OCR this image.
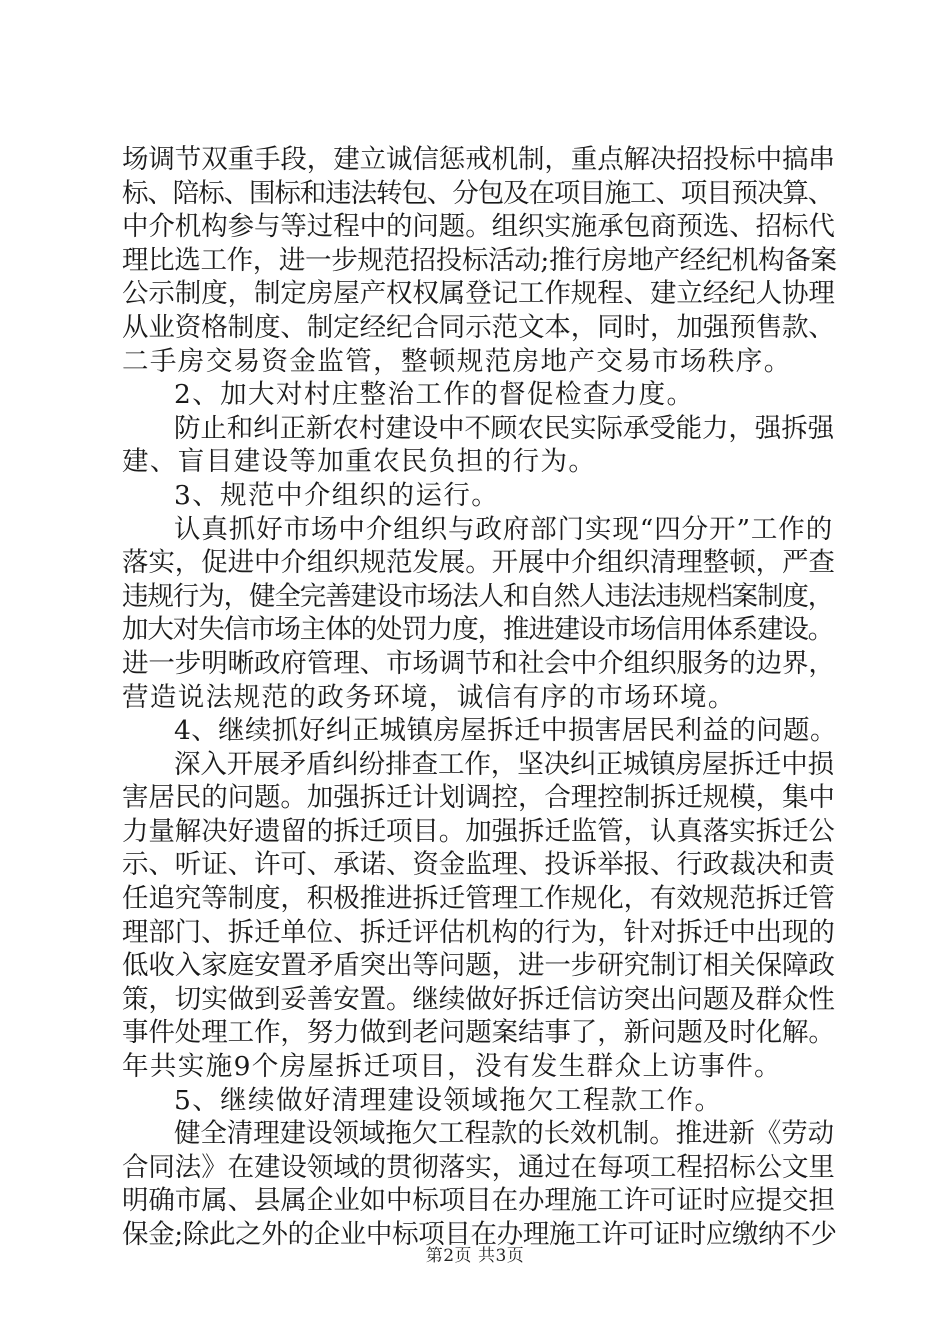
场调节双重手段，建立诚信惩戒机制，重点解决招投标中搞串
标、陪标、围标和违法转包、分包及在项目施工、项目预决算、
中介机构参与等过程中的问题。组织实施承包商预选、招标代
理比选工作，进一步规范招投标活动;推行房地产经纪机构备案
公示制度，制定房屋产权权属登记工作规程、建立经纪人协理
从业资格制度、制定经纪合同示范文本，同时，加强预售款、
二手房交易资金监管，整顿规范房地产交易市场秩序。
2、加大对村庄整治工作的督促检查力度。
防止和纠正新农村建设中不顾农民实际承受能力，强拆强
建、盲目建设等加重农民负担的行为。
3、规范中介组织的运行。
认真抓好市场中介组织与政府部门实现“四分开”工作的
落实，促进中介组织规范发展。开展中介组织清理整顿，严查
违规行为，健全完善建设市场法人和自然人违法违规档案制度，
加大对失信市场主体的处罚力度，推进建设市场信用体系建设。
进一步明晰政府管理、市场调节和社会中介组织服务的边界，
营造说法规范的政务环境，诚信有序的市场环境。
4、继续抓好纠正城镇房屋拆迁中损害居民利益的问题。
深入开展矛盾纠纷排查工作，坚决纠正城镇房屋拆迁中损
害居民的问题。加强拆迁计划调控，合理控制拆迁规模，集中
力量解决好遗留的拆迁项目。加强拆迁监管，认真落实拆迁公
示、听证、许可、承诺、资金监理、投诉举报、行政裁决和责
任追究等制度，积极推进拆迁管理工作规化，有效规范拆迁管
理部门、拆迁单位、拆迁评估机构的行为，针对拆迁中出现的
低收入家庭安置矛盾突出等问题，进一步研究制订相关保障政
策，切实做到妥善安置。继续做好拆迁信访突出问题及群众性
事件处理工作，努力做到老问题案结事了，新问题及时化解。
年共实施9个房屋拆迁项目，没有发生群众上访事件。
5、继续做好清理建设领域拖欠工程款工作。
健全清理建设领域拖欠工程款的长效机制。推进新《劳动
合同法》在建设领域的贯彻落实，通过在每项工程招标公文里
明确市属、县属企业如中标项目在办理施工许可证时应提交担
保金;除此之外的企业中标项目在办理施工许可证时应缴纳不少
第2页 共3页
